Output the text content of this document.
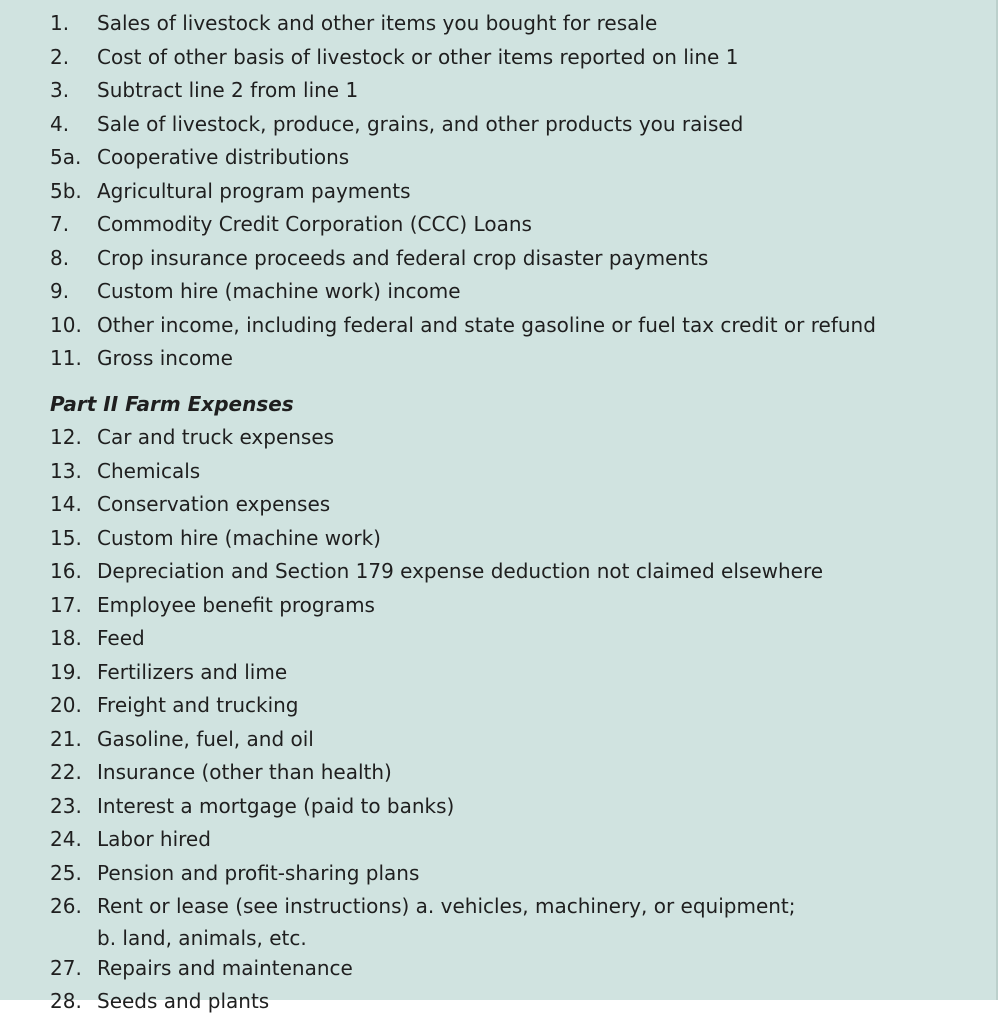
1.	Sales of livestock and other items you bought for resale
2.	Cost of other basis of livestock or other items reported on line 1
3.	Subtract line 2 from line 1
4.	Sale of livestock, produce, grains, and other products you raised
5a. Cooperative distributions
5b. Agricultural program payments
7.	Commodity Credit Corporation (CCC) Loans
8.	Crop insurance proceeds and federal crop disaster payments
9.	Custom hire (machine work) income
10. Other income, including federal and state gasoline or fuel tax credit or refund
11. Gross income
Part II Farm Expenses
12. Car and truck expenses
13. Chemicals
14. Conservation expenses
15. Custom hire (machine work)
16. Depreciation and Section 179 expense deduction not claimed elsewhere
17. Employee benefit programs
18. Feed
19. Fertilizers and lime
20. Freight and trucking
21. Gasoline, fuel, and oil
22. Insurance (other than health)
23. Interest a mortgage (paid to banks)
24. Labor hired
25. Pension and profit-sharing plans
26. Rent or lease (see instructions) a. vehicles, machinery, or equipment;
b. land, animals, etc.
27. Repairs and maintenance
28. Seeds and plants
